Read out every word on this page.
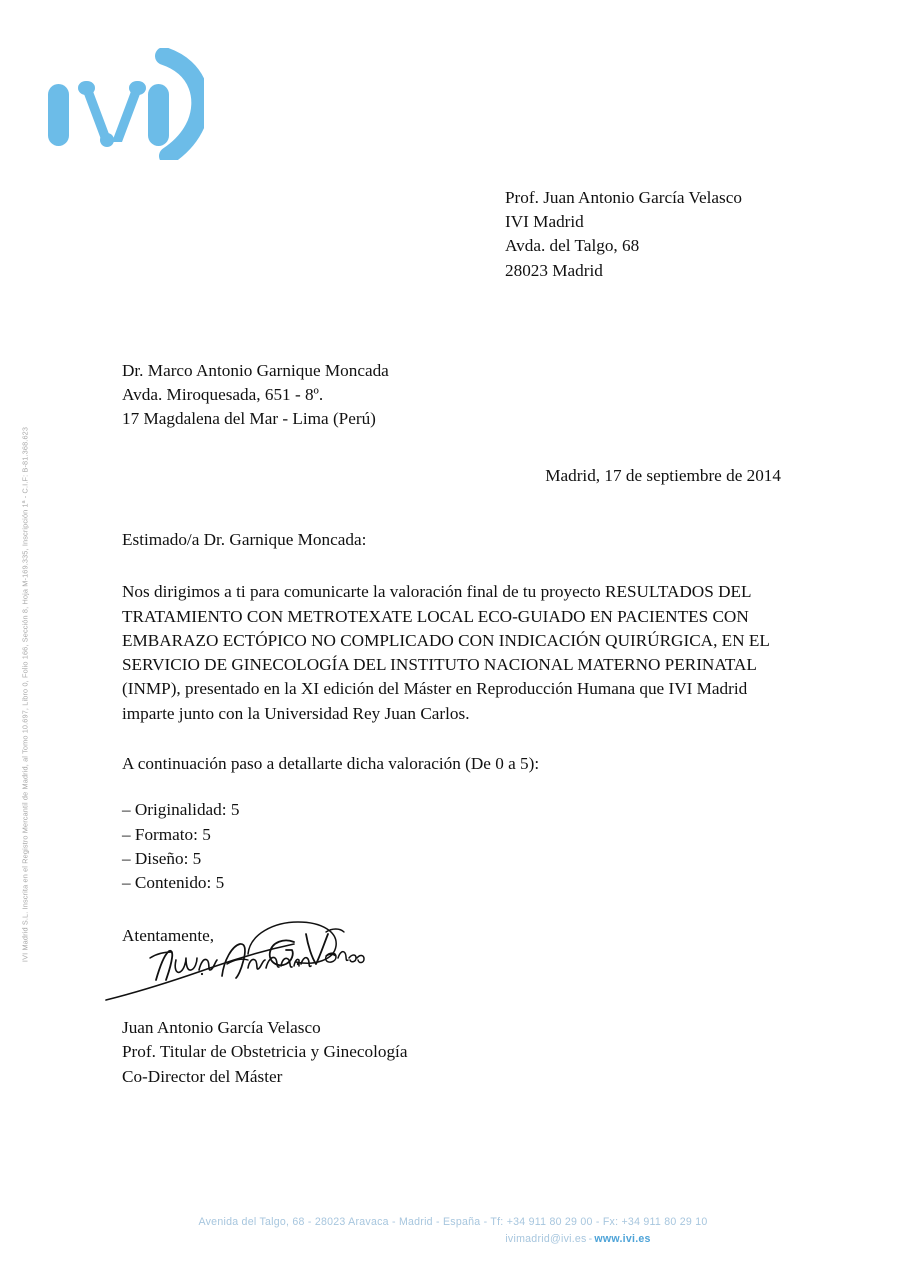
IVI Madrid S.L. Inscrita en el Registro Mercantil de Madrid, al Tomo 10.697, Libro 0, Folio 166, Sección 8, Hoja M-169.335, Inscripción 1ª - C.I.F: B-81.368.623
Prof. Juan Antonio García Velasco
IVI Madrid
Avda. del Talgo, 68
28023 Madrid
Dr. Marco Antonio Garnique Moncada
Avda. Miroquesada, 651 - 8º.
17 Magdalena del Mar - Lima (Perú)
Madrid, 17 de septiembre de 2014

Estimado/a Dr. Garnique Moncada:

Nos dirigimos a ti para comunicarte la valoración final de tu proyecto RESULTADOS DEL TRATAMIENTO CON METROTEXATE LOCAL ECO-GUIADO EN PACIENTES CON EMBARAZO ECTÓPICO NO COMPLICADO CON INDICACIÓN QUIRÚRGICA, EN EL SERVICIO DE GINECOLOGÍA DEL INSTITUTO NACIONAL MATERNO PERINATAL (INMP), presentado en la XI edición del Máster en Reproducción Humana que IVI Madrid imparte junto con la Universidad Rey Juan Carlos.

A continuación paso a detallarte dicha valoración (De 0 a 5):

– Originalidad: 5
– Formato: 5
– Diseño: 5
– Contenido: 5

Atentamente,

Juan Antonio García Velasco
Prof. Titular de Obstetricia y Ginecología
Co-Director del Máster
Avenida del Talgo, 68 - 28023 Aravaca - Madrid - España - Tf: +34 911 80 29 00 - Fx: +34 911 80 29 10
ivimadrid@ivi.es - www.ivi.es
